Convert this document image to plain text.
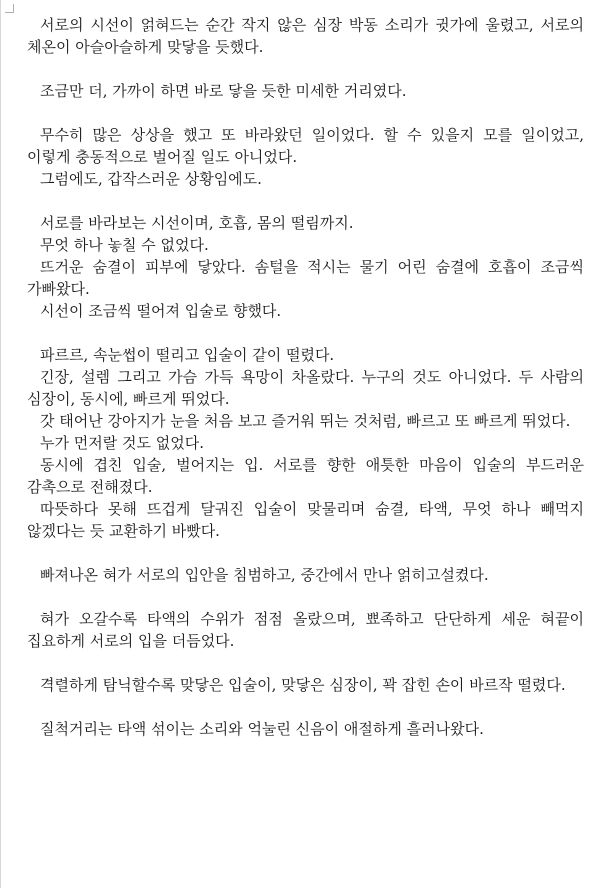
서로의 시선이 얽혀드는 순간 작지 않은 심장 박동 소리가 귓가에 울렸고, 서로의 체온이 아슬아슬하게 맞닿을 듯했다.

조금만 더, 가까이 하면 바로 닿을 듯한 미세한 거리였다.

무수히 많은 상상을 했고 또 바라왔던 일이었다. 할 수 있을지 모를 일이었고, 이렇게 충동적으로 벌어질 일도 아니었다.

그럼에도, 갑작스러운 상황임에도.

서로를 바라보는 시선이며, 호흡, 몸의 떨림까지.

무엇 하나 놓칠 수 없었다.

뜨거운 숨결이 피부에 닿았다. 솜털을 적시는 물기 어린 숨결에 호흡이 조금씩 가빠왔다.

시선이 조금씩 떨어져 입술로 향했다.

파르르, 속눈썹이 떨리고 입술이 같이 떨렸다.

긴장, 설렘 그리고 가슴 가득 욕망이 차올랐다. 누구의 것도 아니었다. 두 사람의 심장이, 동시에, 빠르게 뛰었다.

갓 태어난 강아지가 눈을 처음 보고 즐거워 뛰는 것처럼, 빠르고 또 빠르게 뛰었다.

누가 먼저랄 것도 없었다.

동시에 겹친 입술, 벌어지는 입. 서로를 향한 애틋한 마음이 입술의 부드러운 감촉으로 전해졌다.

따뜻하다 못해 뜨겁게 달궈진 입술이 맞물리며 숨결, 타액, 무엇 하나 빼먹지 않겠다는 듯 교환하기 바빴다.

빠져나온 혀가 서로의 입안을 침범하고, 중간에서 만나 얽히고설켰다.

혀가 오갈수록 타액의 수위가 점점 올랐으며, 뾰족하고 단단하게 세운 혀끝이 집요하게 서로의 입을 더듬었다.

격렬하게 탐닉할수록 맞닿은 입술이, 맞닿은 심장이, 꽉 잡힌 손이 바르작 떨렸다.

질척거리는 타액 섞이는 소리와 억눌린 신음이 애절하게 흘러나왔다.
